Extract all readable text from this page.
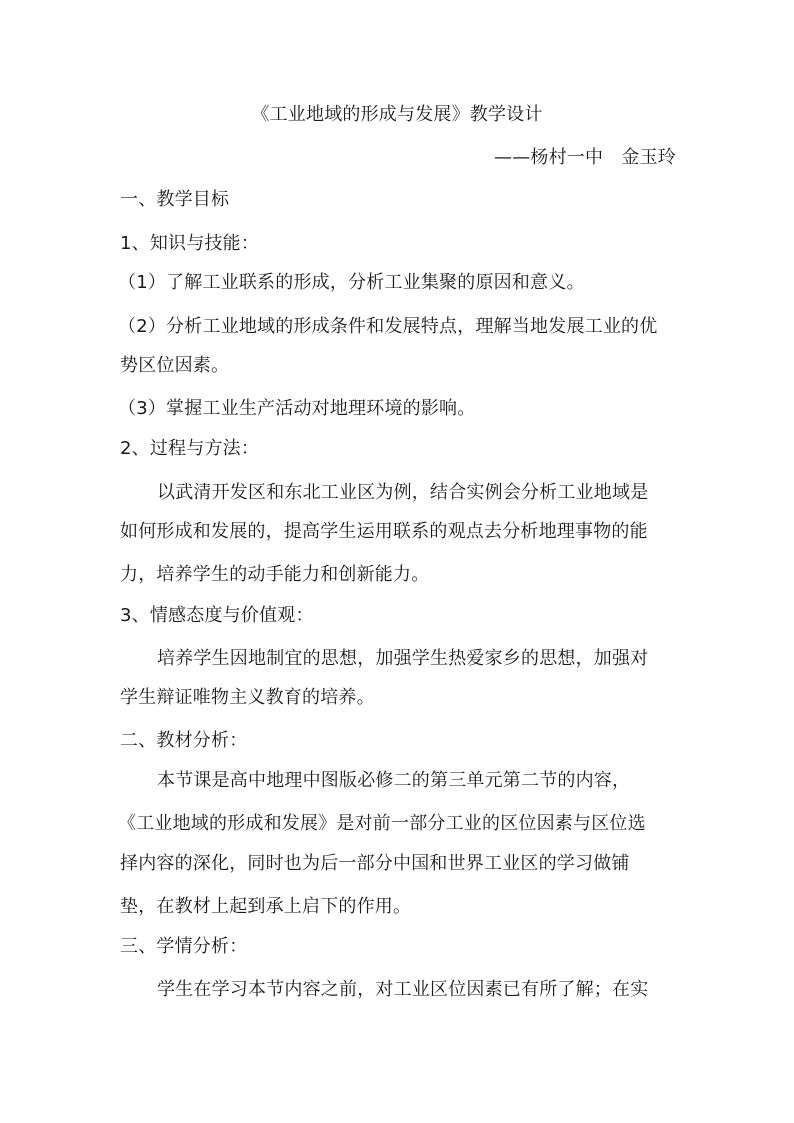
《工业地域的形成与发展》教学设计
——杨村一中　金玉玲
一、教学目标
1、知识与技能：
（1）了解工业联系的形成，分析工业集聚的原因和意义。
（2）分析工业地域的形成条件和发展特点，理解当地发展工业的优
势区位因素。
（3）掌握工业生产活动对地理环境的影响。
2、过程与方法：
以武清开发区和东北工业区为例，结合实例会分析工业地域是
如何形成和发展的，提高学生运用联系的观点去分析地理事物的能
力，培养学生的动手能力和创新能力。
3、情感态度与价值观：
培养学生因地制宜的思想，加强学生热爱家乡的思想，加强对
学生辩证唯物主义教育的培养。
二、教材分析：
本节课是高中地理中图版必修二的第三单元第二节的内容，
《工业地域的形成和发展》是对前一部分工业的区位因素与区位选
择内容的深化，同时也为后一部分中国和世界工业区的学习做铺
垫，在教材上起到承上启下的作用。
三、学情分析：
学生在学习本节内容之前，对工业区位因素已有所了解；在实
